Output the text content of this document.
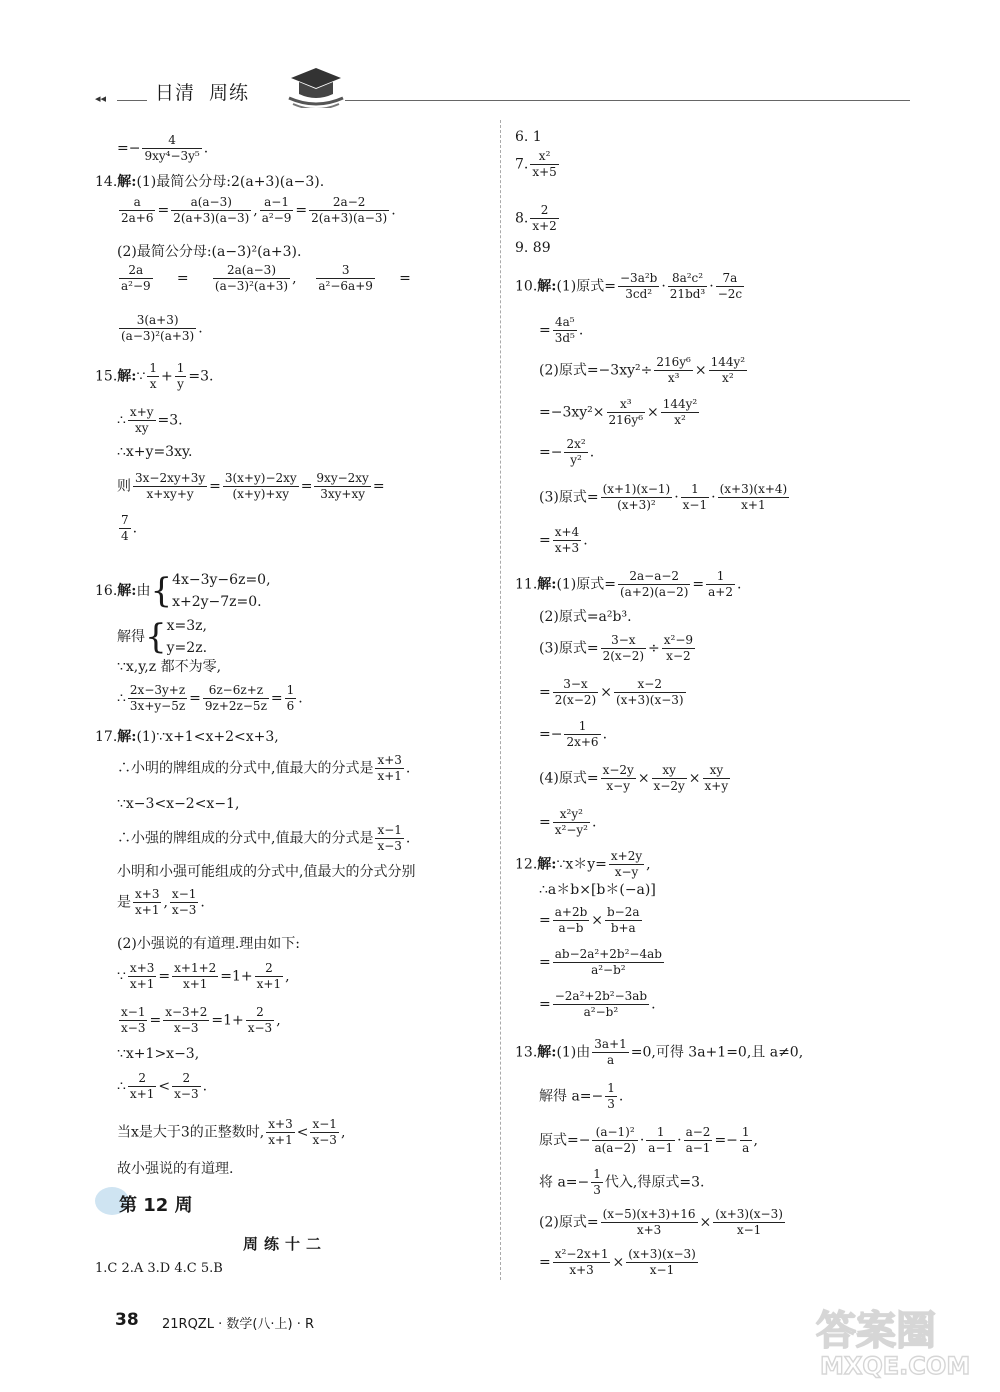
◂◂	日清 周练
=− $\frac{4}{\text{9xy⁴−3y⁵}}$ .
14.解:(1)最简公分母:2(a+3)(a−3).
$\frac{a}{2a+6} = \frac{a(a-3)}{2(a+3)(a-3)}$ , $\frac{a-1}{\text{a²−9}} = \frac{2a-2}{2(a+3)(a-3)}$ .
(2)最简公分母:(a−3)²(a+3).
$\frac{2a}{\text{a²−9}} = \frac{2a(a-3)}{\text{(a−3)²(a+3)}}$ , $\frac{3}{\text{a²−6a+9}}$ =
$\frac{3(a+3)}{\text{(a−3)²(a+3)}}$ .
15.解:∵ $\frac{1}{x} + \frac{1}{y} =3$.
∴ $\frac{x+y}{xy} =3$.
∴x+y=3xy.
则 $\frac{3x-2xy+3y}{x+xy+y} = \frac{3(x+y)-2xy}{(x+y)+xy} = \frac{9xy-2xy}{3xy+xy}$ =
$\frac{7}{4}$ .
16.解:由{4x−3y−6z=0,
x+2y−7z=0.
解得{x=3z,
y=2z.
∵x,y,z 都不为零,
∴ $\frac{2x-3y+z}{3x+y-5z} = \frac{6z-6z+z}{9z+2z-5z} = \frac{1}{6}$ .
17.解:(1)∵x+1<x+2<x+3,
∴小明的牌组成的分式中,值最大的分式是 $\frac{x+3}{x+1}$ .
∵x−3<x−2<x−1,
∴小强的牌组成的分式中,值最大的分式是 $\frac{x-1}{x-3}$ .
小明和小强可能组成的分式中,值最大的分式分别
是 $\frac{x+3}{x+1}$ , $\frac{x-1}{x-3}$ .
(2)小强说的有道理.理由如下:
∵ $\frac{x+3}{x+1} = \frac{x+1+2}{x+1} =1+ \frac{2}{x+1}$ ,
$\frac{x-1}{x-3} = \frac{x-3+2}{x-3} =1+ \frac{2}{x-3}$ ,
∵x+1>x−3,
∴ $\frac{2}{x+1} < \frac{2}{x-3}$ .
当x是大于3的正整数时, $\frac{x+3}{x+1} < \frac{x-1}{x-3}$ ,
故小强说的有道理.
第 12 周
周练十二
1.C 2.A 3.D 4.C 5.B
6. 1
7. $\frac{\text{x²}}{x+5}$
8. $\frac{2}{x+2}$
9. 89
10.解:(1)原式= $\frac{\text{−3a²b}}{\text{3cd²}} \cdot \frac{\text{8a²c²}}{\text{21bd³}} \cdot \frac{7a}{-2c}$
= $\frac{\text{4a⁵}}{\text{3d⁵}}$ .
(2)原式$=-3xy^2\div \frac{\text{216y⁶}}{\text{x³}} \times \frac{\text{144y²}}{\text{x²}}$
$=-3xy^2\times \frac{\text{x³}}{\text{216y⁶}} \times \frac{\text{144y²}}{\text{x²}}$
=− $\frac{\text{2x²}}{\text{y²}}$ .
(3)原式= $\frac{(x+1)(x-1)}{\text{(x+3)²}} \cdot \frac{1}{x-1} \cdot \frac{(x+3)(x+4)}{x+1}$
= $\frac{x+4}{x+3}$ .
11.解:(1)原式= $\frac{2a-a-2}{(a+2)(a-2)} = \frac{1}{a+2}$ .
(2)原式=a²b³.
(3)原式= $\frac{3-x}{2(x-2)} \div \frac{\text{x²−9}}{x-2}$
= $\frac{3-x}{2(x-2)} \times \frac{x-2}{(x+3)(x-3)}$
=− $\frac{1}{2x+6}$ .
(4)原式= $\frac{x-2y}{x-y} \times \frac{xy}{x-2y} \times \frac{xy}{x+y}$
= $\frac{\text{x²y²}}{\text{x²−y²}}$ .
12.解:∵x＊y= $\frac{x+2y}{x-y}$ ,
∴a＊b×[b＊(−a)]
= $\frac{a+2b}{a-b} \times \frac{b-2a}{b+a}$
= $\frac{\text{ab−2a²+2b²−4ab}}{\text{a²−b²}}$
= $\frac{\text{−2a²+2b²−3ab}}{\text{a²−b²}}$ .
13.解:(1)由 $\frac{3a+1}{a} =0$,可得 3a+1=0,且 a≠0,
解得 $a=- \frac{1}{3}$ .
原式=− $\frac{\text{(a−1)²}}{a(a-2)} \cdot \frac{1}{a-1} \cdot \frac{a-2}{a-1} =- \frac{1}{a}$ ,
将 $a=- \frac{1}{3}$ 代入,得原式=3.
(2)原式= $\frac{(x-5)(x+3)+16}{x+3} \times \frac{(x+3)(x-3)}{x-1}$
= $\frac{\text{x²−2x+1}}{x+3} \times \frac{(x+3)(x-3)}{x-1}$
38 21RQZL · 数学(八·上) · R	答案圈
MXQE.COM
